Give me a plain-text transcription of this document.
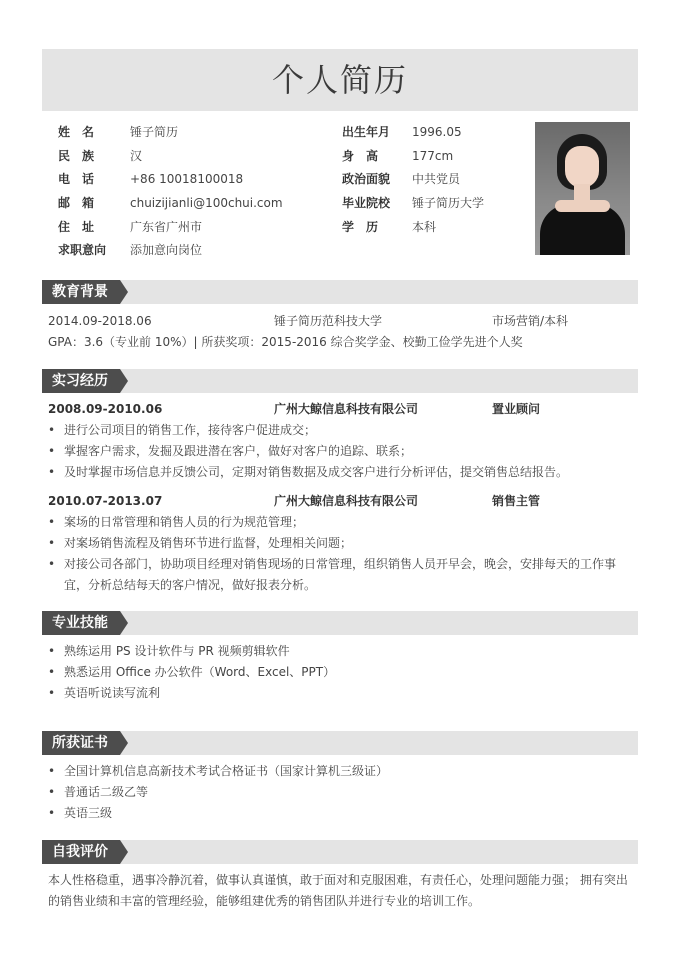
个人简历
姓　名	锤子简历
民　族	汉
电　话	+86 10018100018
邮　箱	chuizijianli@100chui.com
住　址	广东省广州市
求职意向	添加意向岗位
出生年月	1996.05
身　高	177cm
政治面貌	中共党员
毕业院校	锤子简历大学
学　历	本科
教育背景
2014.09-2018.06	锤子简历范科技大学	市场营销/本科
GPA：3.6（专业前 10%）| 所获奖项：2015-2016 综合奖学金、校勤工俭学先进个人奖
实习经历
2008.09-2010.06	广州大鲸信息科技有限公司	置业顾问
• 进行公司项目的销售工作，接待客户促进成交；
• 掌握客户需求，发掘及跟进潜在客户，做好对客户的追踪、联系；
• 及时掌握市场信息并反馈公司，定期对销售数据及成交客户进行分析评估，提交销售总结报告。
2010.07-2013.07	广州大鲸信息科技有限公司	销售主管
• 案场的日常管理和销售人员的行为规范管理；
• 对案场销售流程及销售环节进行监督，处理相关问题；
• 对接公司各部门，协助项目经理对销售现场的日常管理，组织销售人员开早会，晚会，安排每天的工作事宜，分析总结每天的客户情况，做好报表分析。
专业技能
• 熟练运用 PS 设计软件与 PR 视频剪辑软件
• 熟悉运用 Office 办公软件（Word、Excel、PPT）
• 英语听说读写流利
所获证书
• 全国计算机信息高新技术考试合格证书（国家计算机三级证）
• 普通话二级乙等
• 英语三级
自我评价
本人性格稳重，遇事冷静沉着，做事认真谨慎，敢于面对和克服困难，有责任心，处理问题能力强； 拥有突出的销售业绩和丰富的管理经验，能够组建优秀的销售团队并进行专业的培训工作。
